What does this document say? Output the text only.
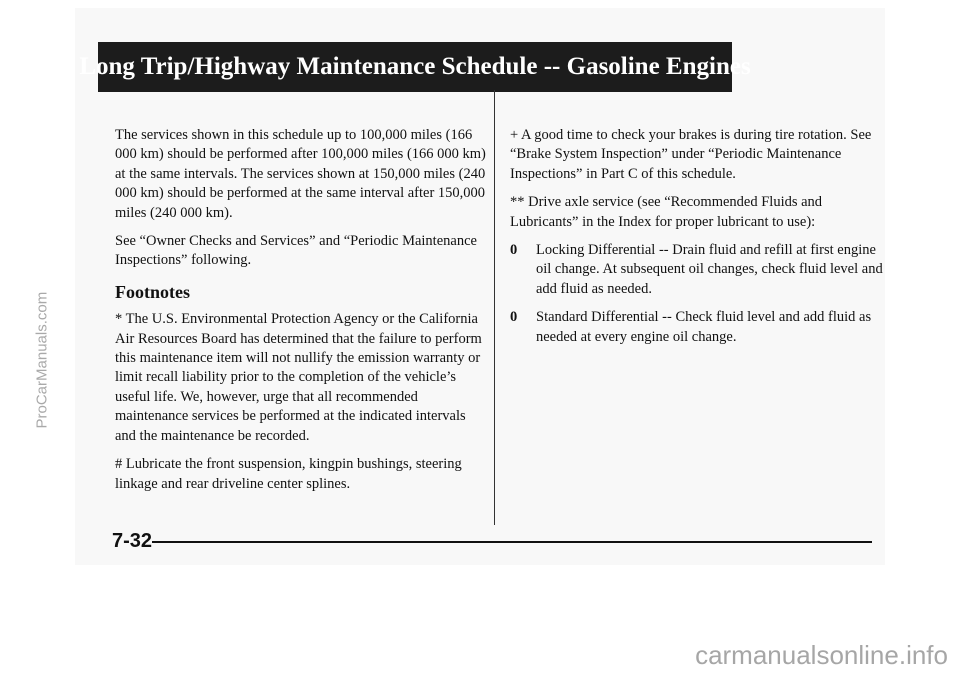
Long Trip/Highway Maintenance Schedule -- Gasoline Engines

The services shown in this schedule up to 100,000 miles (166 000 km) should be performed after 100,000 miles (166 000 km) at the same intervals. The services shown at 150,000 miles (240 000 km) should be performed at the same interval after 150,000 miles (240 000 km).

See “Owner Checks and Services” and “Periodic Maintenance Inspections” following.

Footnotes

* The U.S. Environmental Protection Agency or the California Air Resources Board has determined that the failure to perform this maintenance item will not nullify the emission warranty or limit recall liability prior to the completion of the vehicle’s useful life. We, however, urge that all recommended maintenance services be performed at the indicated intervals and the maintenance be recorded.

# Lubricate the front suspension, kingpin bushings, steering linkage and rear driveline center splines.

+ A good time to check your brakes is during tire rotation. See “Brake System Inspection” under “Periodic Maintenance Inspections” in Part C of this schedule.

** Drive axle service (see “Recommended Fluids and Lubricants” in the Index for proper lubricant to use):

0 Locking Differential -- Drain fluid and refill at first engine oil change. At subsequent oil changes, check fluid level and add fluid as needed.
0 Standard Differential -- Check fluid level and add fluid as needed at every engine oil change.
7-32
ProCarManuals.com
carmanualsonline.info
